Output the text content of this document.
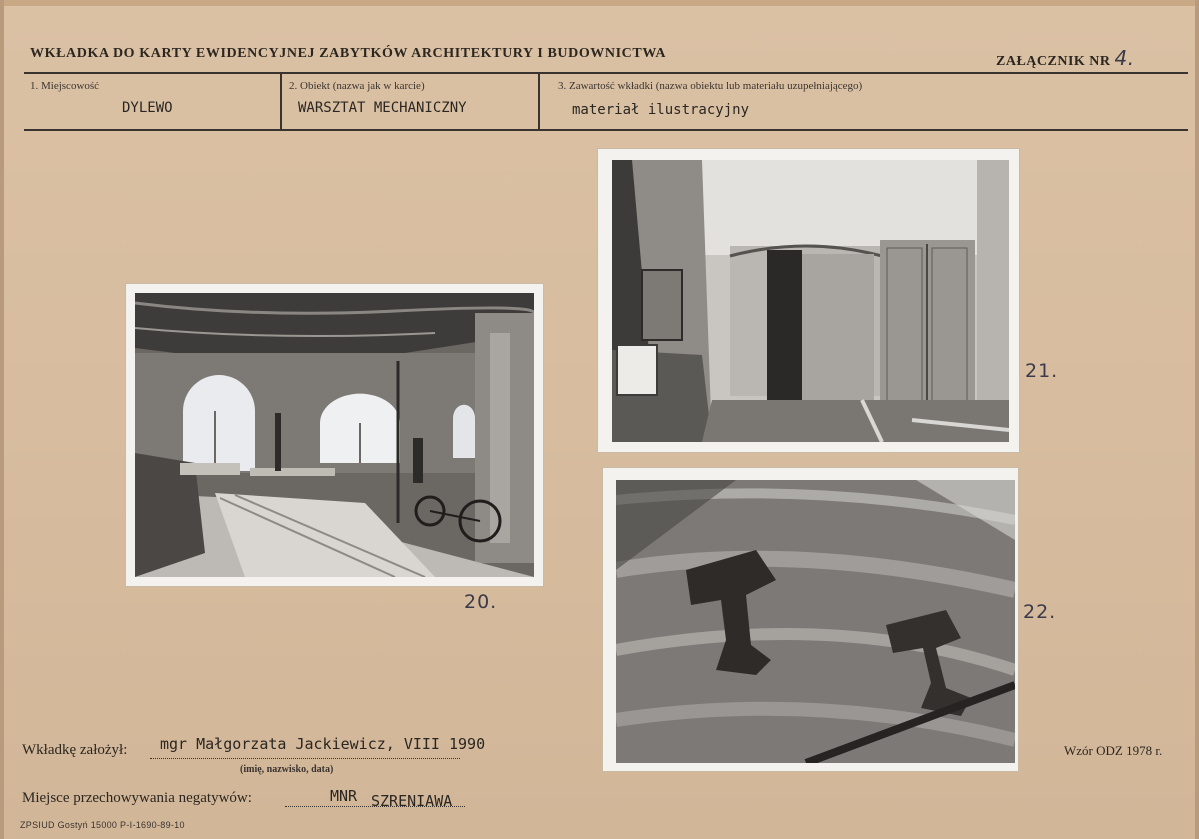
WKŁADKA DO KARTY EWIDENCYJNEJ ZABYTKÓW ARCHITEKTURY I BUDOWNICTWA
ZAŁĄCZNIK NR 4.
1. Miejscowość
DYLEWO
2. Obiekt (nazwa jak w karcie)
WARSZTAT MECHANICZNY
3. Zawartość wkładki (nazwa obiektu lub materiału uzupełniającego)
materiał ilustracyjny
20.
21.
22.
Wkładkę założył: mgr Małgorzata Jackiewicz, VIII 1990
(imię, nazwisko, data)
Miejsce przechowywania negatywów:	MNR SZRENIAWA
Wzór ODZ 1978 r.
ZPSIUD Gostyń 15000 P-I-1690-89-10
